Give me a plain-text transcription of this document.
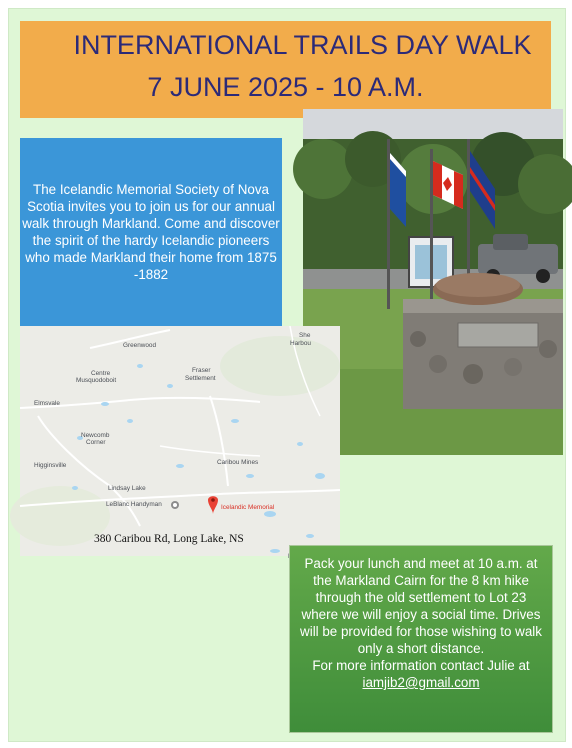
INTERNATIONAL TRAILS DAY WALK
7 JUNE 2025 - 10 A.M.
The Icelandic Memorial Society of Nova Scotia invites you to join us for our annual walk through Markland. Come and discover the spirit of the hardy Icelandic pioneers who made Markland their home from 1875 -1882
Greenwood
She
Harbou
Centre
Musquodoboit
Fraser
Settlement
Elmsvale
Newcomb
Corner
Higginsville	Caribou Mines
Lindsay Lake
LeBlanc Handyman	Icelandic Memorial
380 Caribou Rd, Long Lake, NS
Pack your lunch and meet at 10 a.m. at the Markland Cairn for the 8 km hike through the old settlement to Lot 23 where we will enjoy a social time. Drives will be provided for those wishing to walk only a short distance.
For more information contact Julie at iamjib2@gmail.com
